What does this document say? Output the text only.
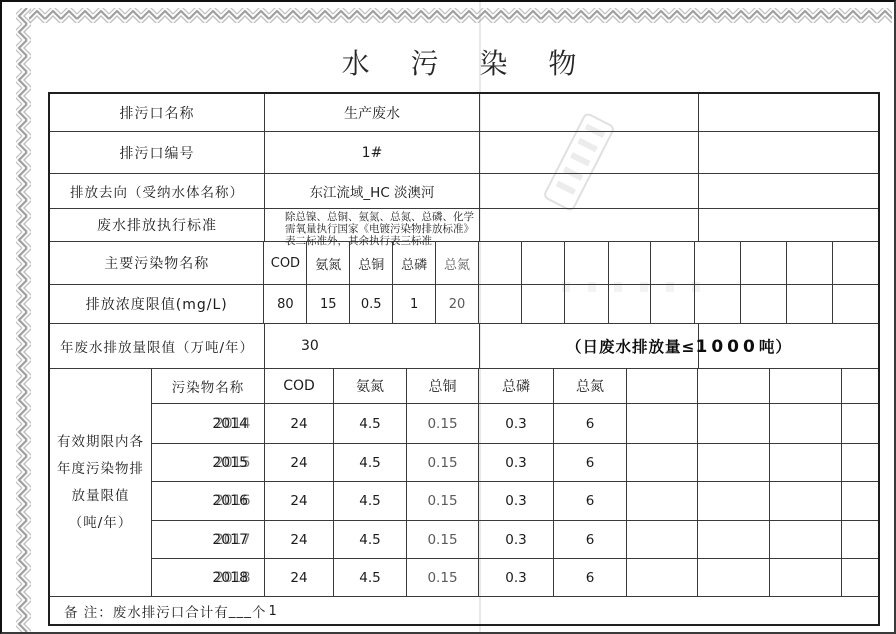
水 污 染 物
排污口名称	生产废水
排污口编号	1#
排放去向（受纳水体名称）	东江流域_HC 淡澳河
废水排放执行标准
除总镍、总铜、氨氮、总氮、总磷、化学
需氧量执行国家《电镀污染物排放标准》
表二标准外，其余执行表三标准
主要污染物名称	COD	氨氮	总铜	总磷	总氮
排放浓度限值(mg/L)	80	15	0.5	1	20
年废水排放量限值（万吨/年）	30	（日废水排放量≤1000吨）
有效期限内各
年度污染物排
放量限值
（吨/年）
污染物名称	COD	氨氮	总铜	总磷	总氮
2014	24	4.5	0.15	0.3	6
2015	24	4.5	0.15	0.3	6
2016	24	4.5	0.15	0.3	6
2017	24	4.5	0.15	0.3	6
2018	24	4.5	0.15	0.3	6
备 注： 废水排污口合计有 ___ 个 1
